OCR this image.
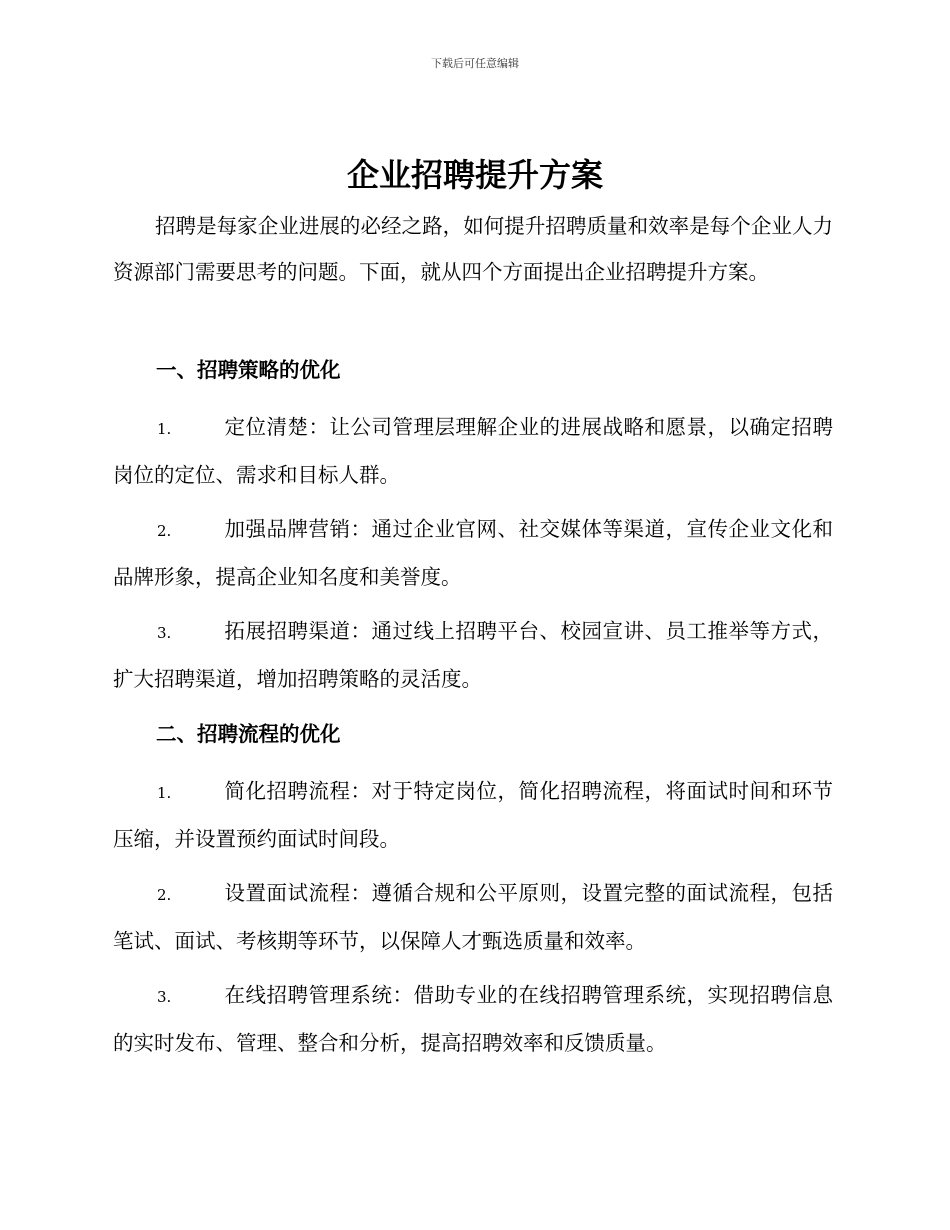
下载后可任意编辑
企业招聘提升方案
招聘是每家企业进展的必经之路，如何提升招聘质量和效率是每个企业人力资源部门需要思考的问题。下面，就从四个方面提出企业招聘提升方案。
一、招聘策略的优化
1.	定位清楚：让公司管理层理解企业的进展战略和愿景，以确定招聘岗位的定位、需求和目标人群。
2.	加强品牌营销：通过企业官网、社交媒体等渠道，宣传企业文化和品牌形象，提高企业知名度和美誉度。
3.	拓展招聘渠道：通过线上招聘平台、校园宣讲、员工推举等方式，扩大招聘渠道，增加招聘策略的灵活度。
二、招聘流程的优化
1.	简化招聘流程：对于特定岗位，简化招聘流程，将面试时间和环节压缩，并设置预约面试时间段。
2.	设置面试流程：遵循合规和公平原则，设置完整的面试流程，包括笔试、面试、考核期等环节，以保障人才甄选质量和效率。
3.	在线招聘管理系统：借助专业的在线招聘管理系统，实现招聘信息的实时发布、管理、整合和分析，提高招聘效率和反馈质量。
